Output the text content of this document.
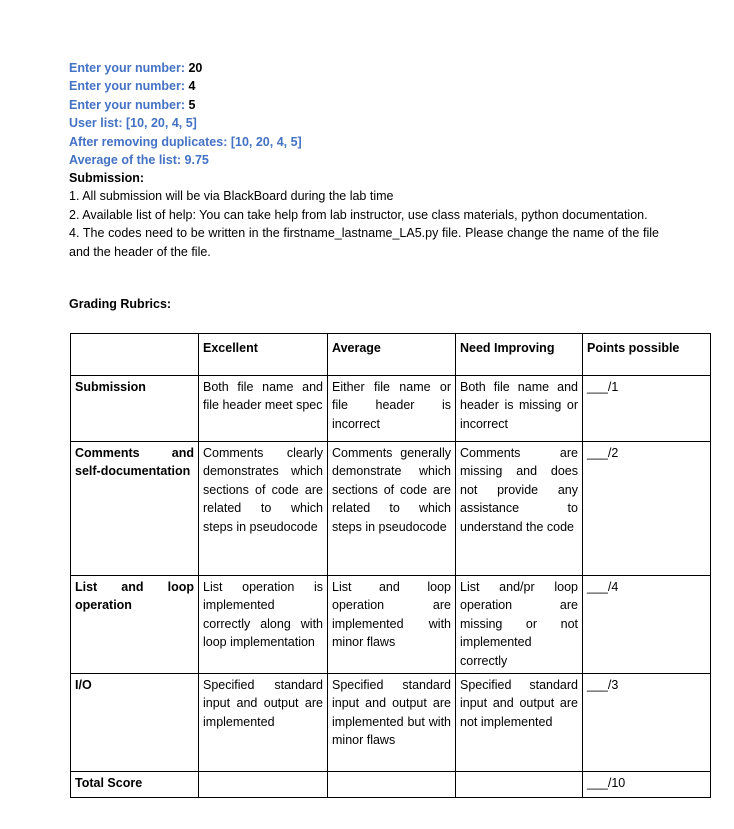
Enter your number: 20
Enter your number: 4
Enter your number: 5
User list: [10, 20, 4, 5]
After removing duplicates: [10, 20, 4, 5]
Average of the list: 9.75

Submission:

1. All submission will be via BlackBoard during the lab time

2. Available list of help: You can take help from lab instructor, use class materials, python documentation.

4. The codes need to be written in the firstname_lastname_LA5.py file. Please change the name of the file and the header of the file.

Grading Rubrics:
	Excellent	Average	Need Improving	Points possible
Submission	Both file name and file header meet spec	Either file name or file header is incorrect	Both file name and header is missing or incorrect	___/1
Comments and self-documentation	Comments clearly demonstrates which sections of code are related to which steps in pseudocode	Comments generally demonstrate which sections of code are related to which steps in pseudocode	Comments are missing and does not provide any assistance to understand the code	___/2
List and loop operation	List operation is implemented correctly along with loop implementation	List and loop operation are implemented with minor flaws	List and/pr loop operation are missing or not implemented correctly	___/4
I/O	Specified standard input and output are implemented	Specified standard input and output are implemented but with minor flaws	Specified standard input and output are not implemented	___/3
Total Score				___/10
